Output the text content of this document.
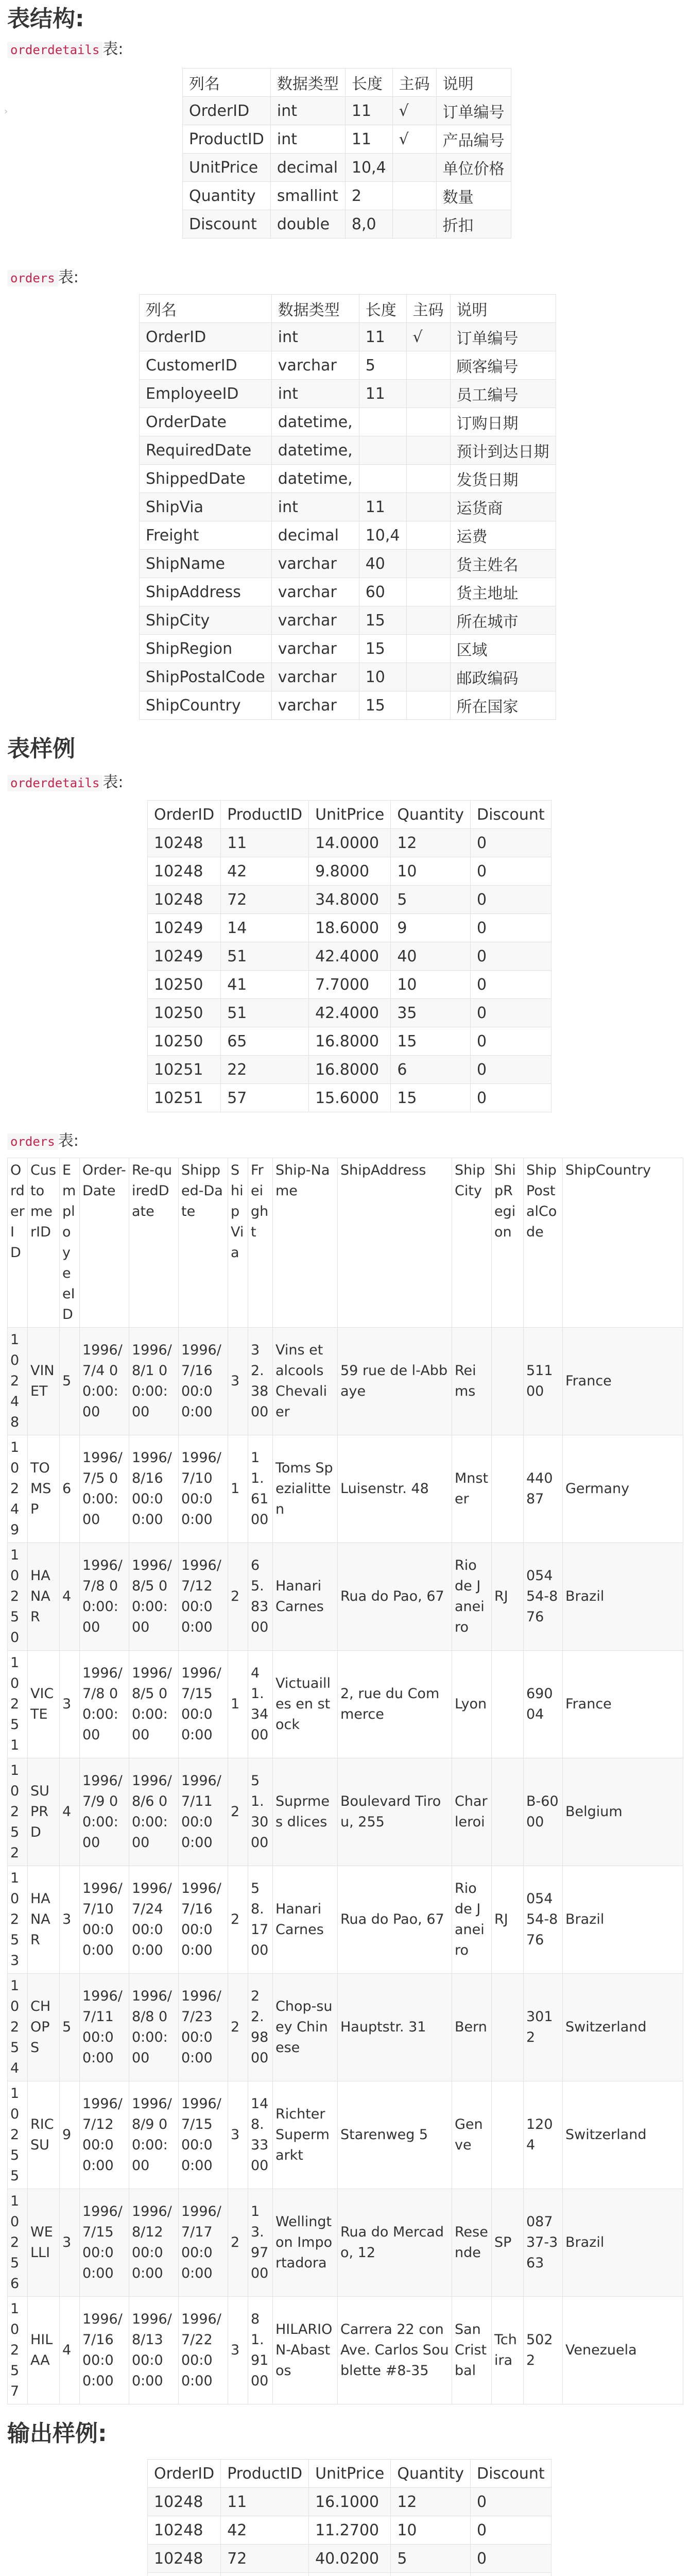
›
表结构:

orderdetails 表:

列名	数据类型	长度	主码	说明
OrderID	int	11	√	订单编号
ProductID	int	11	√	产品编号
UnitPrice	decimal	10,4		单位价格
Quantity	smallint	2		数量
Discount	double	8,0		折扣

orders 表:

列名	数据类型	长度	主码	说明
OrderID	int	11	√	订单编号
CustomerID	varchar	5		顾客编号
EmployeeID	int	11		员工编号
OrderDate	datetime,			订购日期
RequiredDate	datetime,			预计到达日期
ShippedDate	datetime,			发货日期
ShipVia	int	11		运货商
Freight	decimal	10,4		运费
ShipName	varchar	40		货主姓名
ShipAddress	varchar	60		货主地址
ShipCity	varchar	15		所在城市
ShipRegion	varchar	15		区域
ShipPostalCode	varchar	10		邮政编码
ShipCountry	varchar	15		所在国家
表样例

orderdetails 表:

OrderID	ProductID	UnitPrice	Quantity	Discount
10248	11	14.0000	12	0
10248	42	9.8000	10	0
10248	72	34.8000	5	0
10249	14	18.6000	9	0
10249	51	42.4000	40	0
10250	41	7.7000	10	0
10250	51	42.4000	35	0
10250	65	16.8000	15	0
10251	22	16.8000	6	0
10251	57	15.6000	15	0

orders 表:

OrderID	CustomerID	EmployeeID	Order-Date	Re-quiredDate	Shipped-Date	ShipVia	Freight	Ship-Name	ShipAddress	ShipCity	ShipRegion	ShipPostalCode	ShipCountry
10248	VINET	5	1996/7/4 00:00:00	1996/8/1 00:00:00	1996/7/16 00:00:00	3	32.3800	Vins et alcools Chevalier	59 rue de l-Abbaye	Reims		51100	France
10249	TOMSP	6	1996/7/5 00:00:00	1996/8/16 00:00:00	1996/7/10 00:00:00	1	11.6100	Toms Spezialitten	Luisenstr. 48	Mnster		44087	Germany
10250	HANAR	4	1996/7/8 00:00:00	1996/8/5 00:00:00	1996/7/12 00:00:00	2	65.8300	Hanari Carnes	Rua do Pao, 67	Rio de Janeiro	RJ	05454-876	Brazil
10251	VICTE	3	1996/7/8 00:00:00	1996/8/5 00:00:00	1996/7/15 00:00:00	1	41.3400	Victuailles en stock	2, rue du Commerce	Lyon		69004	France
10252	SUPRD	4	1996/7/9 00:00:00	1996/8/6 00:00:00	1996/7/11 00:00:00	2	51.3000	Suprmes dlices	Boulevard Tirou, 255	Charleroi		B-6000	Belgium
10253	HANAR	3	1996/7/10 00:00:00	1996/7/24 00:00:00	1996/7/16 00:00:00	2	58.1700	Hanari Carnes	Rua do Pao, 67	Rio de Janeiro	RJ	05454-876	Brazil
10254	CHOPS	5	1996/7/11 00:00:00	1996/8/8 00:00:00	1996/7/23 00:00:00	2	22.9800	Chop-suey Chinese	Hauptstr. 31	Bern		3012	Switzerland
10255	RICSU	9	1996/7/12 00:00:00	1996/8/9 00:00:00	1996/7/15 00:00:00	3	148.3300	Richter Supermarkt	Starenweg 5	Genve		1204	Switzerland
10256	WELLI	3	1996/7/15 00:00:00	1996/8/12 00:00:00	1996/7/17 00:00:00	2	13.9700	Wellington Importadora	Rua do Mercado, 12	Resende	SP	08737-363	Brazil
10257	HILAA	4	1996/7/16 00:00:00	1996/8/13 00:00:00	1996/7/22 00:00:00	3	81.9100	HILARION-Abastos	Carrera 22 con Ave. Carlos Soublette #8-35	San Cristbal	Tchira	5022	Venezuela
输出样例:
OrderID	ProductID	UnitPrice	Quantity	Discount
10248	11	16.1000	12	0
10248	42	11.2700	10	0
10248	72	40.0200	5	0
